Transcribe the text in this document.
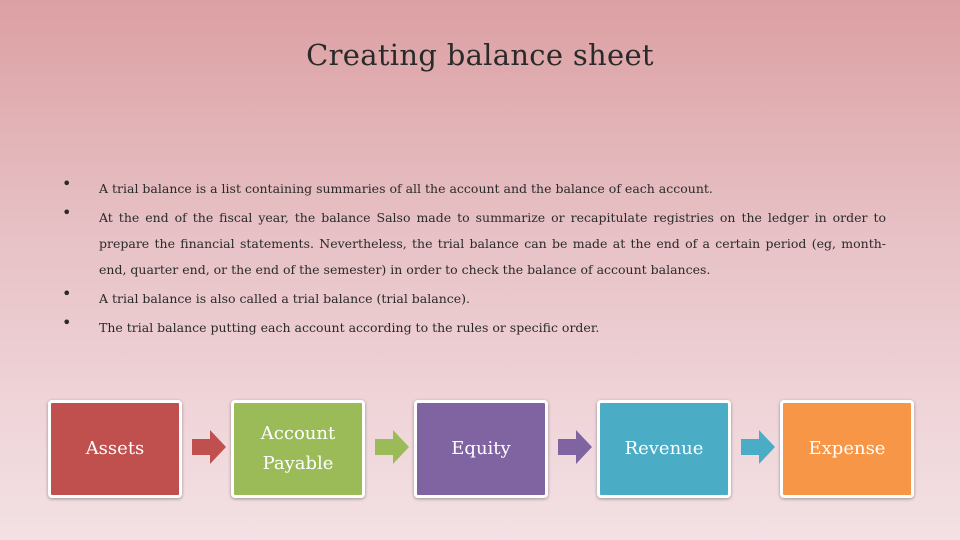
Creating balance sheet
• A trial balance is a list containing summaries of all the account and the balance of each account.
• At the end of the fiscal year, the balance Salso made to summarize or recapitulate registries on the ledger in order to prepare the financial statements. Nevertheless, the trial balance can be made at the end of a certain period (eg, month-end, quarter end, or the end of the semester) in order to check the balance of account balances.
• A trial balance is also called a trial balance (trial balance).
• The trial balance putting each account according to the rules or specific order.
Assets
Account Payable
Equity	Revenue	Expense
